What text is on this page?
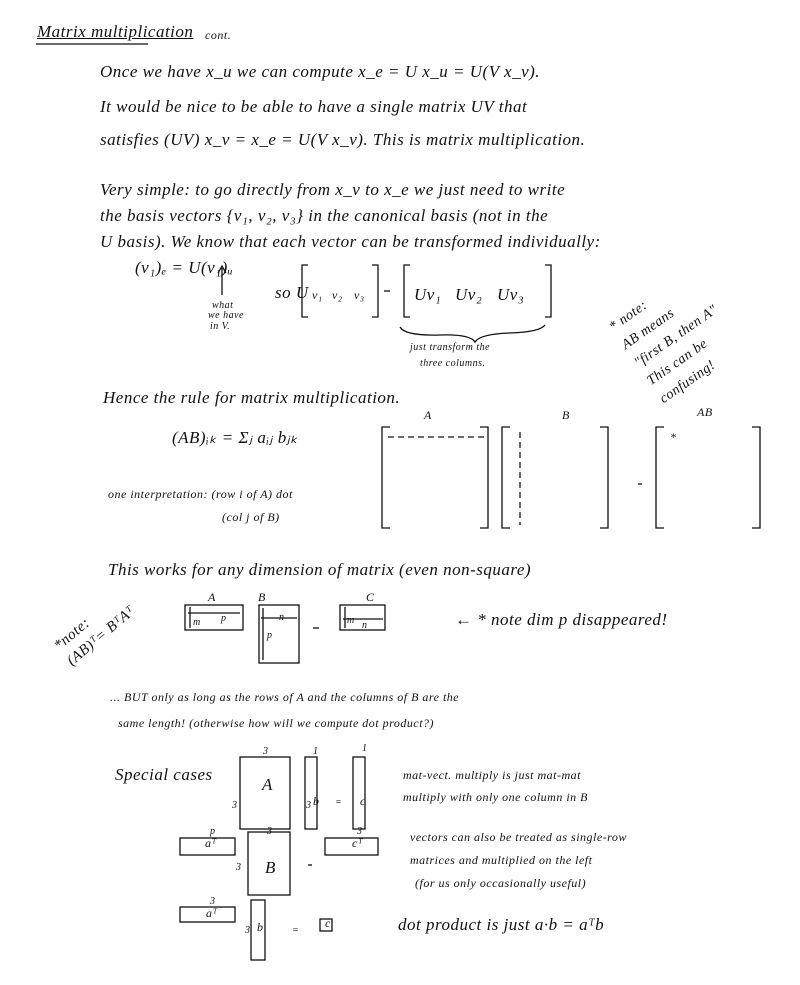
Matrix multiplication cont.
Once we have x_u we can compute x_e = U x_u = U(V x_v).
It would be nice to be able to have a single matrix UV that
satisfies (UV) x_v = x_e = U(V x_v). This is matrix multiplication.
Very simple: to go directly from x_v to x_e we just need to write
the basis vectors {v₁, v₂, v₃} in the canonical basis (not in the
U basis). We know that each vector can be transformed individually:
(v₁)ₑ = U(v₁)ᵤ
what
we have
in V.
so U v₁ v₂ v₃	Uv₁ Uv₂ Uv₃
just transform the
three columns.
* note:
AB means
"first B, then A"
This can be
confusing!
Hence the rule for matrix multiplication.
(AB)ᵢₖ = Σⱼ aᵢⱼ bⱼₖ
one interpretation: (row i of A) dot
(col j of B)
A	B	AB
*
This works for any dimension of matrix (even non-square)
A	B	C
m p
p
n	m n	← * note dim p disappeared!
*note:
(AB)ᵀ= BᵀAᵀ
... BUT only as long as the rows of A and the columns of B are the
same length! (otherwise how will we compute dot product?)
Special cases	mat-vect. multiply is just mat-mat
multiply with only one column in B
vectors can also be treated as single-row
matrices and multiplied on the left
(for us only occasionally useful)
dot product is just a·b = aᵀb
A
3
3
1
3 b =
1
c
p
aᵀ
3
B
3
3
cᵀ
3
aᵀ
b
3	=
c
